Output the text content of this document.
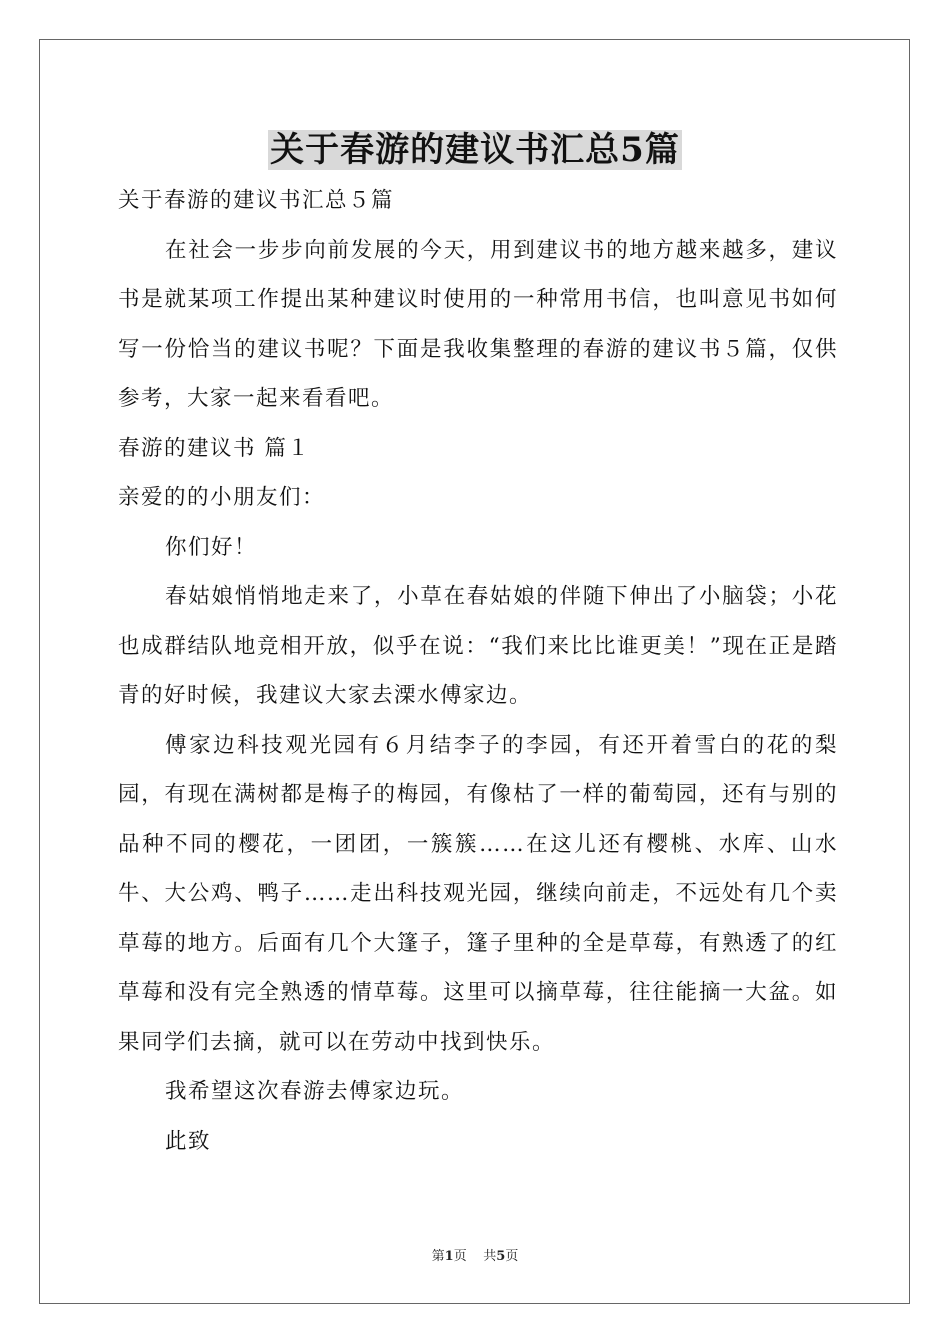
关于春游的建议书汇总5篇

关于春游的建议书汇总５篇

在社会一步步向前发展的今天，用到建议书的地方越来越多，建议书是就某项工作提出某种建议时使用的一种常用书信，也叫意见书如何写一份恰当的建议书呢？下面是我收集整理的春游的建议书５篇，仅供参考，大家一起来看看吧。

春游的建议书 篇１

亲爱的的小朋友们：

你们好！

春姑娘悄悄地走来了，小草在春姑娘的伴随下伸出了小脑袋；小花也成群结队地竞相开放，似乎在说：“我们来比比谁更美！”现在正是踏青的好时候，我建议大家去溧水傅家边。

傅家边科技观光园有６月结李子的李园，有还开着雪白的花的梨园，有现在满树都是梅子的梅园，有像枯了一样的葡萄园，还有与别的品种不同的樱花，一团团，一簇簇……在这儿还有樱桃、水库、山水牛、大公鸡、鸭子……走出科技观光园，继续向前走，不远处有几个卖草莓的地方。后面有几个大篷子，篷子里种的全是草莓，有熟透了的红草莓和没有完全熟透的情草莓。这里可以摘草莓，往往能摘一大盆。如果同学们去摘，就可以在劳动中找到快乐。

我希望这次春游去傅家边玩。

此致

第1页 共5页
